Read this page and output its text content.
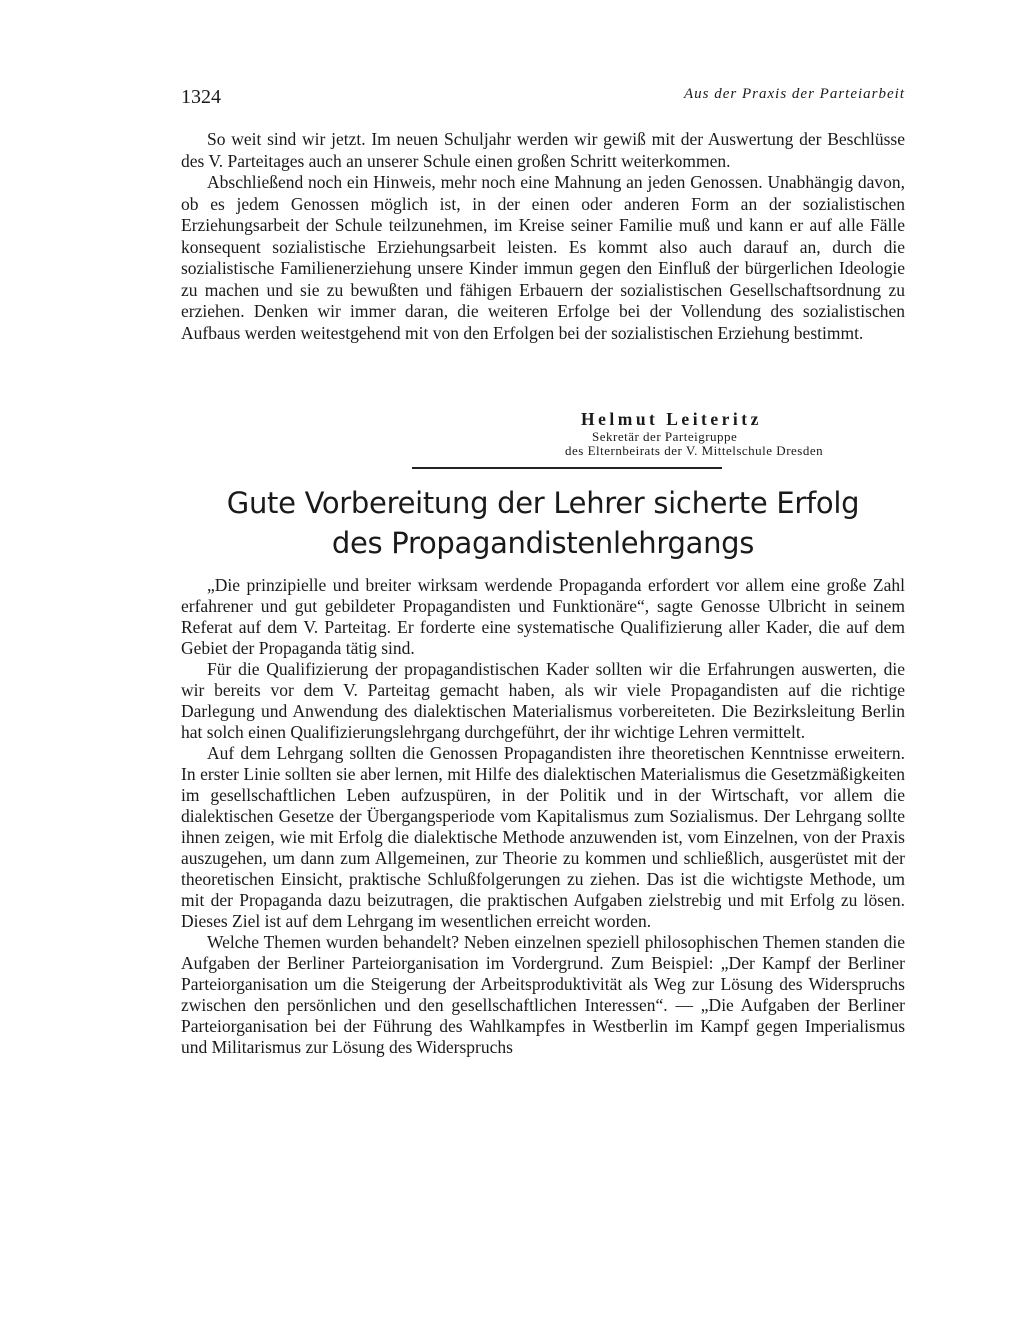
1324	Aus der Praxis der Parteiarbeit

So weit sind wir jetzt. Im neuen Schuljahr werden wir gewiß mit der Auswertung der Beschlüsse des V. Parteitages auch an unserer Schule einen großen Schritt weiterkommen.

Abschließend noch ein Hinweis, mehr noch eine Mahnung an jeden Genossen. Unabhängig davon, ob es jedem Genossen möglich ist, in der einen oder anderen Form an der sozialistischen Erziehungsarbeit der Schule teilzunehmen, im Kreise seiner Familie muß und kann er auf alle Fälle konsequent sozialistische Erziehungsarbeit leisten. Es kommt also auch darauf an, durch die sozialistische Familienerziehung unsere Kinder immun gegen den Einfluß der bürgerlichen Ideologie zu machen und sie zu bewußten und fähigen Erbauern der sozialistischen Gesellschaftsordnung zu erziehen. Denken wir immer daran, die weiteren Erfolge bei der Vollendung des sozialistischen Aufbaus werden weitestgehend mit von den Erfolgen bei der sozialistischen Erziehung bestimmt.

Helmut Leiteritz
Sekretär der Parteigruppe
des Elternbeirats der V. Mittelschule Dresden
Gute Vorbereitung der Lehrer sicherte Erfolg
des Propagandistenlehrgangs

„Die prinzipielle und breiter wirksam werdende Propaganda erfordert vor allem eine große Zahl erfahrener und gut gebildeter Propagandisten und Funktionäre“, sagte Genosse Ulbricht in seinem Referat auf dem V. Parteitag. Er forderte eine systematische Qualifizierung aller Kader, die auf dem Gebiet der Propaganda tätig sind.

Für die Qualifizierung der propagandistischen Kader sollten wir die Erfahrungen auswerten, die wir bereits vor dem V. Parteitag gemacht haben, als wir viele Propagandisten auf die richtige Darlegung und Anwendung des dialektischen Materialismus vorbereiteten. Die Bezirksleitung Berlin hat solch einen Qualifizierungslehrgang durchgeführt, der ihr wichtige Lehren vermittelt.

Auf dem Lehrgang sollten die Genossen Propagandisten ihre theoretischen Kenntnisse erweitern. In erster Linie sollten sie aber lernen, mit Hilfe des dialektischen Materialismus die Gesetzmäßigkeiten im gesellschaftlichen Leben aufzuspüren, in der Politik und in der Wirtschaft, vor allem die dialektischen Gesetze der Übergangsperiode vom Kapitalismus zum Sozialismus. Der Lehrgang sollte ihnen zeigen, wie mit Erfolg die dialektische Methode anzuwenden ist, vom Einzelnen, von der Praxis auszugehen, um dann zum Allgemeinen, zur Theorie zu kommen und schließlich, ausgerüstet mit der theoretischen Einsicht, praktische Schlußfolgerungen zu ziehen. Das ist die wichtigste Methode, um mit der Propaganda dazu beizutragen, die praktischen Aufgaben zielstrebig und mit Erfolg zu lösen. Dieses Ziel ist auf dem Lehrgang im wesentlichen erreicht worden.

Welche Themen wurden behandelt? Neben einzelnen speziell philosophischen Themen standen die Aufgaben der Berliner Parteiorganisation im Vordergrund. Zum Beispiel: „Der Kampf der Berliner Parteiorganisation um die Steigerung der Arbeitsproduktivität als Weg zur Lösung des Widerspruchs zwischen den persönlichen und den gesellschaftlichen Interessen“. — „Die Aufgaben der Berliner Parteiorganisation bei der Führung des Wahlkampfes in Westberlin im Kampf gegen Imperialismus und Militarismus zur Lösung des Widerspruchs
